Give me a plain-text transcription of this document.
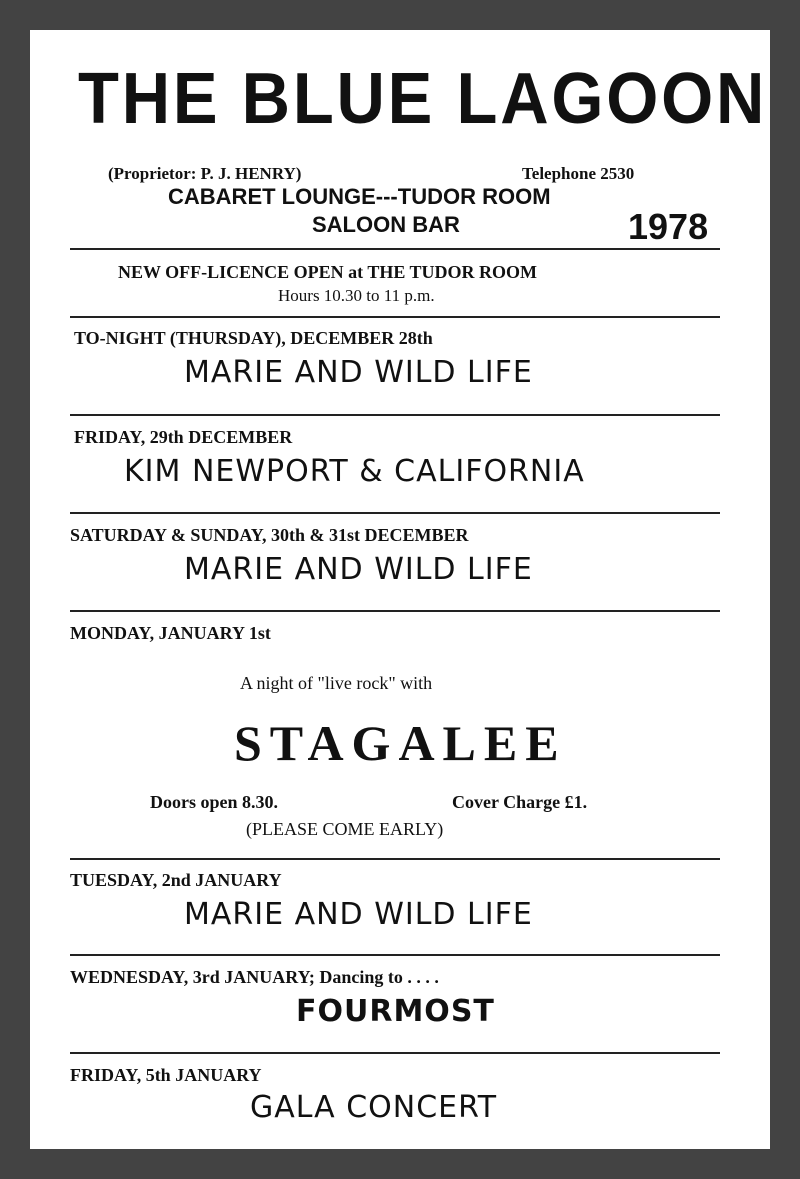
THE BLUE LAGOON
(Proprietor: P. J. HENRY)	Telephone 2530
CABARET LOUNGE---TUDOR ROOM
SALOON BAR	1978
NEW OFF-LICENCE OPEN at THE TUDOR ROOM
Hours 10.30 to 11 p.m.
TO-NIGHT (THURSDAY), DECEMBER 28th
MARIE AND WILD LIFE
FRIDAY, 29th DECEMBER
KIM NEWPORT & CALIFORNIA
SATURDAY & SUNDAY, 30th & 31st DECEMBER
MARIE AND WILD LIFE
MONDAY, JANUARY 1st
A night of "live rock" with
STAGALEE
Doors open 8.30.	Cover Charge £1.
(PLEASE COME EARLY)
TUESDAY, 2nd JANUARY
MARIE AND WILD LIFE
WEDNESDAY, 3rd JANUARY; Dancing to . . . .
FOURMOST
FRIDAY, 5th JANUARY
GALA CONCERT
